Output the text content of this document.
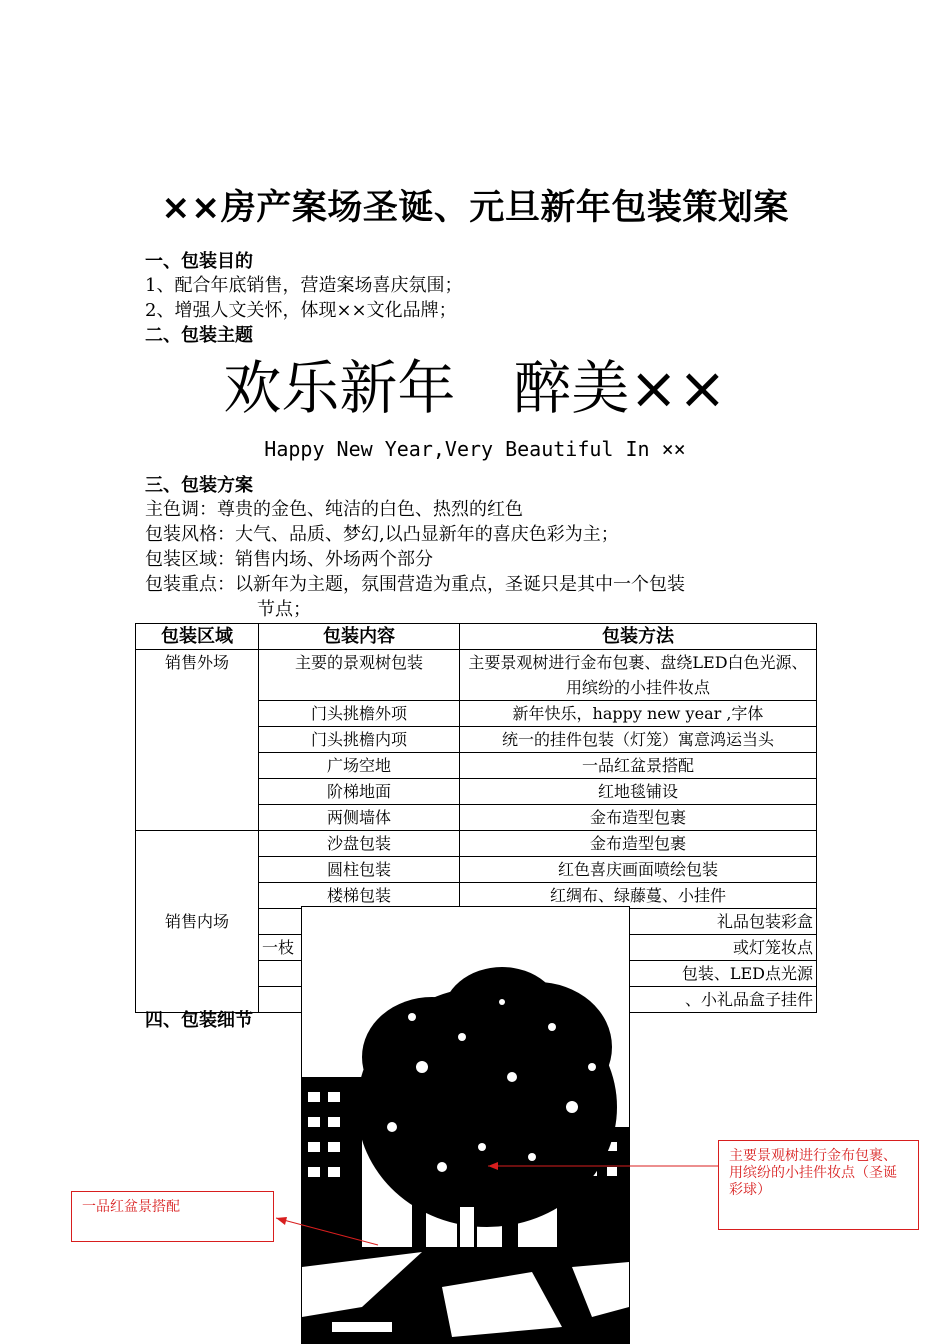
××房产案场圣诞、元旦新年包装策划案
一、包装目的
1、配合年底销售，营造案场喜庆氛围；
2、增强人文关怀，体现××文化品牌；
二、包装主题
欢乐新年　醉美××
Happy New Year,Very Beautiful In ××
三、包装方案
主色调：尊贵的金色、纯洁的白色、热烈的红色
包装风格：大气、品质、梦幻,以凸显新年的喜庆色彩为主；
包装区域：销售内场、外场两个部分
包装重点：以新年为主题，氛围营造为重点，圣诞只是其中一个包装
节点；
包装区域	包装内容	包装方法
销售外场	主要的景观树包装	主要景观树进行金布包裹、盘绕LED白色光源、用缤纷的小挂件妆点
	门头挑檐外项	新年快乐，happy new year ,字体
	门头挑檐内项	统一的挂件包装（灯笼）寓意鸿运当头
	广场空地	一品红盆景搭配
	阶梯地面	红地毯铺设
	两侧墙体	金布造型包裹
销售内场	沙盘包装	金布造型包裹
	圆柱包装	红色喜庆画面喷绘包装
	楼梯包装	红绸布、绿藤蔓、小挂件
		礼品包装彩盒
	一枝	或灯笼妆点
		包装、LED点光源
		、小礼品盒子挂件
四、包装细节
主要景观树进行金布包裹、用缤纷的小挂件妆点（圣诞彩球）
一品红盆景搭配
